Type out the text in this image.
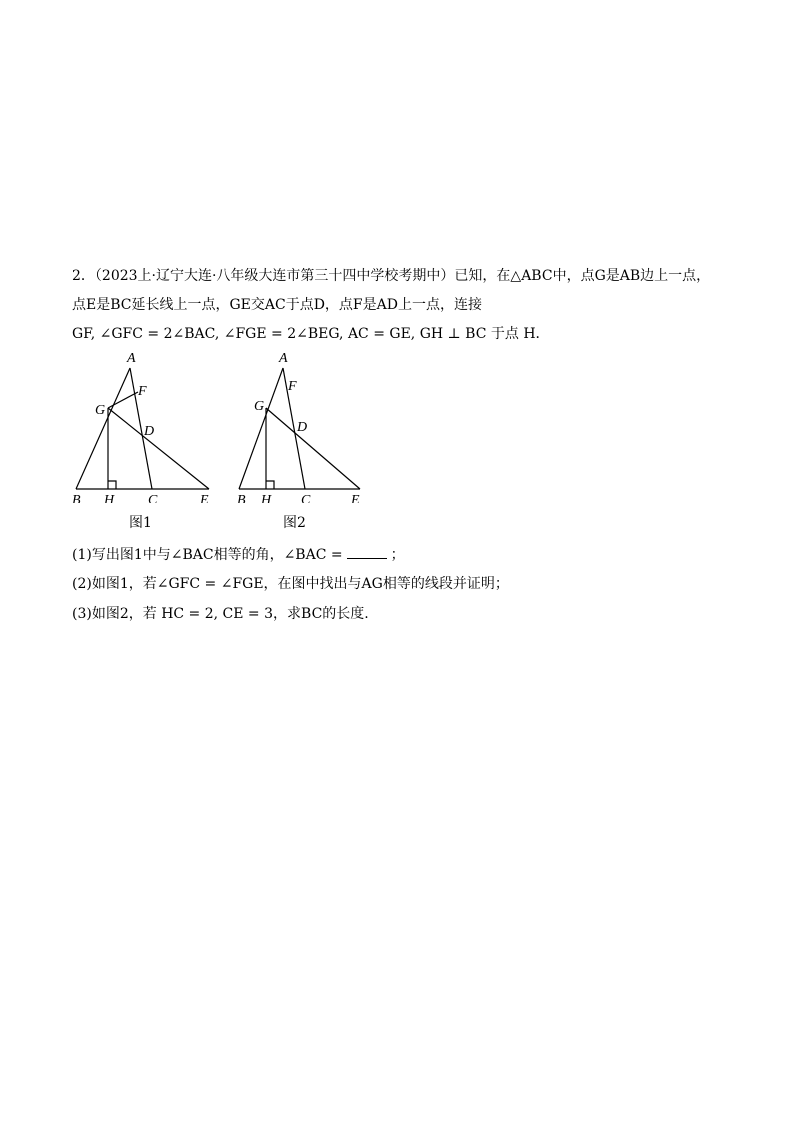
2．（2023上·辽宁大连·八年级大连市第三十四中学校考期中）已知，在△ABC中，点G是AB边上一点，
点E是BC延长线上一点，GE交AC于点D，点F是AD上一点，连接
GF, ∠GFC = 2∠BAC, ∠FGE = 2∠BEG, AC = GE, GH ⊥ BC 于点 H．
A
F
G
D
B H C	E
图1
A
F
G
D
B H C	E
图2
(1)写出图1中与∠BAC相等的角，∠BAC =	；
(2)如图1，若∠GFC = ∠FGE，在图中找出与AG相等的线段并证明；
(3)如图2，若 HC = 2, CE = 3，求BC的长度.
